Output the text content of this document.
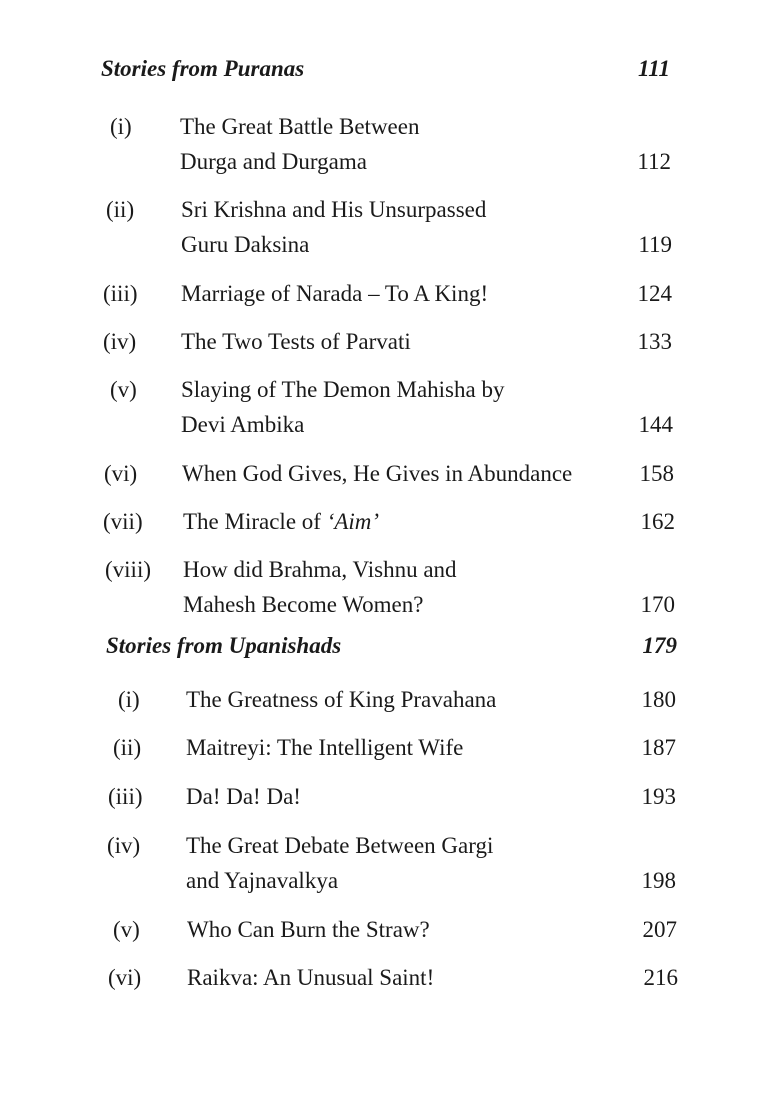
Stories from Puranas	111
(i) The Great Battle Between
Durga and Durgama	112
(ii) Sri Krishna and His Unsurpassed
Guru Daksina	119
(iii) Marriage of Narada – To A King!	124
(iv) The Two Tests of Parvati	133
(v) Slaying of The Demon Mahisha by
Devi Ambika	144
(vi) When God Gives, He Gives in Abundance	158
(vii) The Miracle of ‘Aim’	162
(viii) How did Brahma, Vishnu and
Mahesh Become Women?	170
Stories from Upanishads	179
(i) The Greatness of King Pravahana	180
(ii) Maitreyi: The Intelligent Wife	187
(iii) Da! Da! Da!	193
(iv) The Great Debate Between Gargi
and Yajnavalkya	198
(v) Who Can Burn the Straw?	207
(vi) Raikva: An Unusual Saint!	216
